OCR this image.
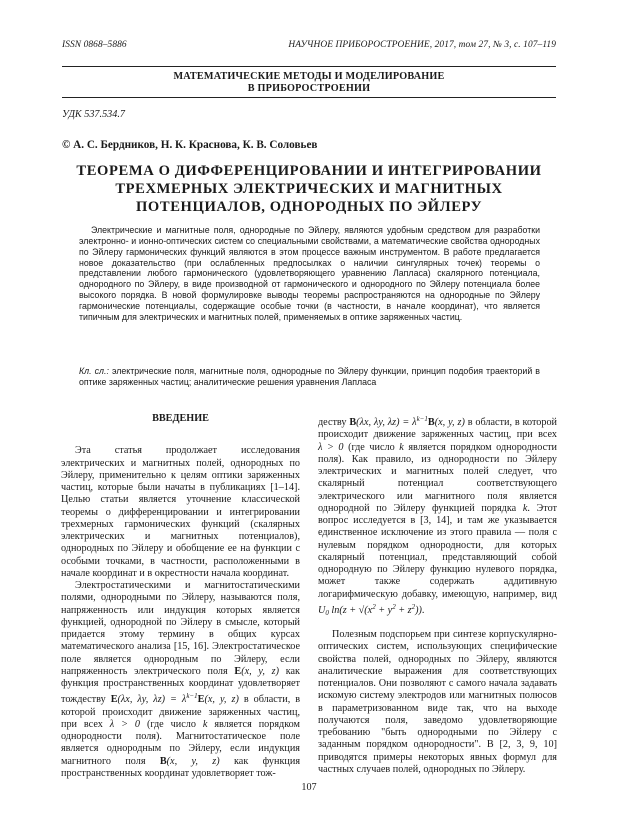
ISSN 0868–5886	НАУЧНОЕ ПРИБОРОСТРОЕНИЕ, 2017, том 27, № 3, c. 107–119
МАТЕМАТИЧЕСКИЕ МЕТОДЫ И МОДЕЛИРОВАНИЕ
В ПРИБОРОСТРОЕНИИ
УДК 537.534.7
© А. С. Бердников, Н. К. Краснова, К. В. Соловьев
ТЕОРЕМА О ДИФФЕРЕНЦИРОВАНИИ И ИНТЕГРИРОВАНИИ
ТРЕХМЕРНЫХ ЭЛЕКТРИЧЕСКИХ И МАГНИТНЫХ
ПОТЕНЦИАЛОВ, ОДНОРОДНЫХ ПО ЭЙЛЕРУ

Электрические и магнитные поля, однородные по Эйлеру, являются удобным средством для разработки электронно- и ионно-оптических систем со специальными свойствами, а математические свойства однородных по Эйлеру гармонических функций являются в этом процессе важным инструментом. В работе предлагается новое доказательство (при ослабленных предпосылках о наличии сингулярных точек) теоремы о представлении любого гармонического (удовлетворяющего уравнению Лапласа) скалярного потенциала, однородного по Эйлеру, в виде производной от гармонического и однородного по Эйлеру потенциала более высокого порядка. В новой формулировке выводы теоремы распространяются на однородные по Эйлеру гармонические потенциалы, содержащие особые точки (в частности, в начале координат), что является типичным для электрических и магнитных полей, применяемых в оптике заряженных частиц.

Кл. сл.: электрические поля, магнитные поля, однородные по Эйлеру функции, принцип подобия траекторий в оптике заряженных частиц; аналитические решения уравнения Лапласа
ВВЕДЕНИЕ

Эта статья продолжает исследования электрических и магнитных полей, однородных по Эйлеру, применительно к целям оптики заряженных частиц, которые были начаты в публикациях [1–14]. Целью статьи является уточнение классической теоремы о дифференцировании и интегрировании трехмерных гармонических функций (скалярных электрических и магнитных потенциалов), однородных по Эйлеру и обобщение ее на функции с особыми точками, в частности, расположенными в начале координат и в окрестности начала координат.

Электростатическими и магнитостатическими полями, однородными по Эйлеру, называются поля, напряженность или индукция которых является функцией, однородной по Эйлеру в смысле, который придается этому термину в общих курсах математического анализа [15, 16]. Электростатическое поле является однородным по Эйлеру, если напряженность электрического поля E(x, y, z) как функция пространственных координат удовлетворяет тождеству E(λx, λy, $\lambda z) = \lambda^{k-1}E(x$, y, z) в области, в которой происходит движение заряженных частиц, при всех λ > 0 (где число k является порядком однородности поля). Магнитостатическое поле является однородным по Эйлеру, если индукция магнитного поля B(x, y, z) как функция пространственных координат удовлетворяет тож-

деству B(λx, λy, $\lambda z) = \lambda^{k-1}B(x$, y, z) в области, в которой происходит движение заряженных частиц, при всех λ > 0 (где число k является порядком однородности поля). Как правило, из однородности по Эйлеру электрических и магнитных полей следует, что скалярный потенциал соответствующего электрического или магнитного поля является однородной по Эйлеру функцией порядка k. Этот вопрос исследуется в [3, 14], и там же указывается единственное исключение из этого правила — поля с нулевым порядком однородности, для которых скалярный потенциал, представляющий собой однородную по Эйлеру функцию нулевого порядка, может также содержать аддитивную логарифмическую добавку, имеющую, например, вид $U_0$ $\ln(z + √(x^2 + y^2 + z^2))$.

Полезным подспорьем при синтезе корпускулярно-оптических систем, использующих специфические свойства полей, однородных по Эйлеру, являются аналитические выражения для соответствующих потенциалов. Они позволяют с самого начала задавать искомую систему электродов или магнитных полюсов в параметризованном виде так, что на выходе получаются поля, заведомо удовлетворяющие требованию "быть однородными по Эйлеру с заданным порядком однородности". В [2, 3, 9, 10] приводятся примеры некоторых явных формул для частных случаев полей, однородных по Эйлеру.

107
